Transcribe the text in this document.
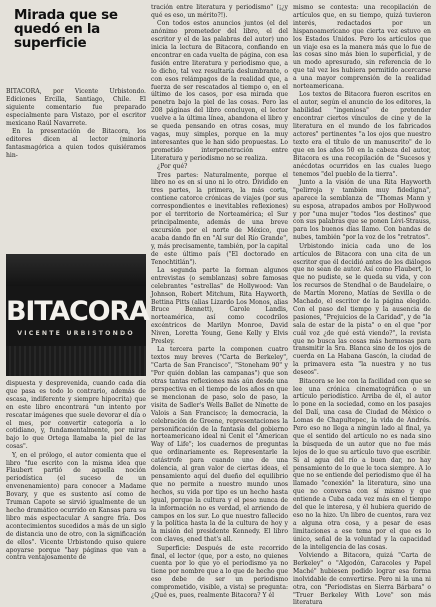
Mirada que se quedó en la superficie

BITACORA, por Vicente Urbistondo. Ediciones Ercilla, Santiago, Chile. El siguiente comentario fue preparado especialmente para Vistazo, por el escritor mexicano Raúl Navarrete.

En la presentación de Bitacora, los editores dicen al lector (minoría fantasmagórica a quien todos quisiéramos hin-

BITACORA
VICENTE URBISTONDO

dispuesta y desprevenida, cuando cada día que pasa es todo lo contrario, además de escasa, indiferente y siempre hipocrita) que en este libro encontrará "un intento por rescatar imágenes que suele devorar el día o el mes, por convertir categoría a lo cotidiano, y, fundamentalmente, por mirar bajo lo que Ortega llamaba la piel de las cosas".

Y, en el prólogo, el autor comienta que el libro "fue escrito con la misma idea que Flaubert partió de aquella noción periodística (el suceso de un envenenamiento) para conocer a Madame Bovary, y que es sustento así como de Truman Capote se sirvió igualmente de un hecho dramático ocurrido en Kansas para su libro más espectacular A sangre fría. Dos acontecimientos sucedidos a más de un siglo de distancia uno de otro, con la significación de ellos". Vicente Urbistondo quiso quiere apoyarse porque "hay páginas que van a contra ventajosamente de

tración entre literatura y periodismo" (¡¿y qué es eso, un mérito?!).

Con todos estos anuncios juntos (el del anónimo prometedor del libro, el del escritor y el de las palabras del autor) uno inicia la lectura de Bitacora, confiando en encontrar en cada vuelta de página, con esa fusión entre literatura y periodismo que, a lo dicho, tal vez resultaría deslumbrante, o con esos relámpagos de la realidad que, a fuerza de ser rescatados al tiempo o, en el último de los casos, por esa mirada que penetra bajo la piel de las cosas. Pero las 208 páginas del libro concluyen, el lector vuelve a la última línea, abandona el libro y se queda pensando en otras cosas, muy vagas, muy simples, porque en la muy interesantes que le han sido propuestas. Lo prometido interpenetración entre Literatura y periodismo no se realiza.

¿Por qué?

Tres partes: Naturalmente, porque el libro no es en sí uno ni lo otro. Dividido en tres partes, la primera, la más corta, contiene catorce crónicas de viajes (por sus correspondientes e inevitables reflexiones) por el territorio de Norteamérica; el Sur principalmente, además de una breve excursión por el norte de México, que acaba dando fin en "Al sur del Río Grande", y, más precisamente, también, por la capital de este último país ("El doctorado en Tenochtitlán").

La segunda parte la forman algunos entrevistas (o semblanzas) sobre famosas celebrantes "estrellas" de Hollywood: Van Johnson, Robert Mitchum, Rita Hayworth, Bettina Pitts (alias Lizardo Los Monos, alias Bruce Bennett), Carole Landis, norteamérica, así como cocodrilos excéntricos de Marilyn Monroe, David Niven, Loretta Young, Gene Kelly y Elvis Presley.

La tercera parte la componen cuatro textos muy breves ("Carta de Berkeley", "Carta de San Francisco", "Stoneham 90" y "Por quién doblan las campanas") que son otras tantas reflexiones más aún desde una perspectiva en el tiempo de los años en que se mencionan de paso, solo de paso, la visita de Sadler's Wells Ballet de Ninette de Valois a San Francisco; la democracia, la celebración de Greene, representaciones la personificación de la fantasía del gobierno norteamericano ideal ni Cenit el "American Way of Life"; los cuadernos de preguntas que ordinariamente es. Representarle la catástrofe para cuando uno de una dolencia, al gran valor de ciertas ideas, el pensamiento aquí del dueño del equilibrio que no permite a nuestro mundo unos hechos, su vida por tipo es un hecho hasta igual, porque la cultura y el peso nunca de la información no es verdad, el arriendo de campos en los sur. Lo que nuestro fallecido y la política hasta la de la cultura de hoy y la misión del presidente Kennedy. El libro con claves, ened that's all.

Superficie: Después de este recorrido final, el lector (que, por a esto, no quienes cuenta por lo que yo el periodismo ya no tiene por nombre que a lo que de hecho que eso debe de ser un periodismo comprometido, visible, a vista) se pregunta: ¿Qué es, pues, realmente Bitacora? Y él

mismo se contesta: una recopilación de artículos que, en su tiempo, quizá tuvieron interés, redactados por un hispanoamericano que cierta vez estuvo en los Estados Unidos. Pero los artículos que un viaje esa es la manera más que lo fue de las cosas sino más bien lo superficial, y de un modo apresurado, sin referencia de lo que tal vez les hubiera permitido acercarse a una mayor comprensión de la realidad norteamericana.

Los textos de Bitacora fueron escritos en el autor, según el anuncio de los editores, la habilidad "ingeniosa" de pretender encontrar ciertos vínculos de cine y de la literatura en el mundo de los fabricados actores" pertinentes "a los ojos que nuestro texto era el título de un manuscrito" de lo que en los años 50 en la cabeza del autor, Bitacora es una recopilación de "Sucesos y anécdotas ocurridos en las cuales luego tenemos "del pueblo de la tierra".

Junto a la visión de una Rita Hayworth "pelirroja y también muy fidedigna", aparece la semblanza de "Thomas Mann y su esposa, atrapados ambos por Hollywood y por "una mujer "todos "los destinos" que con sus palabras que se ponen Lévi-Strauss, para los buenos días llamo. Con bandas de nubes, también "por la voz de los "retratos".

Urbistondo inicia cada uno de los artículos de Bitacora con una cita de un escritor que él decidió antes de los diálogos que no sean de autor. Así como Flaubert, lo que no pudiste, se le queda su vida, y con los recursos de Stendhal o de Baudelaire, o de Martín Moreno, Matías de Sevilla o de Machado, el escritor de la página elegido. Con el paso del tiempo y la ausencia de pasiones, "Prejuicios de la Caridad", y de "la sala de estar de la pista" o en el que "por cuál voz ¿de qué está viendo?", la revista que no busca las cosas más hermosas para transmitir la Sra. Blanca sino de los ojos de cuerda en La Habana Gascón, la ciudad de la primavera esta "la nuestra y no tus deseos".

Bitacora se lee con la facilidad con que se lee una crónica cinematográfica o un artículo periodístico. Arriba de él, el autor lo pone en la sociedad, como en los pasajes del Dalí, una casa de Ciudad de México o Lomas de Chapultepec, la vida de Andrés. Pero eso no llega a ningún lado al final, ya que el sentido del artículo no es nada sino la búsqueda de un autor que no fue más lejos de lo que su artículo tuvo que escribir. Si al agua del río a buen dar, no hay pensamiento de lo que le toca siempre. A lo que no se entiende del periodismo que él ha llamado "conexión" la literatura, sino una que no conversa con sí mismo y que entiende a Cuba cada vez más en el tiempo del que le interesa, y él hubiera querido de eso no la hizo. Un libro de cuentos, rara vez a alguna otra cosa, y a pesar de esas limitaciones a ese tema por el que es lo único, señal de la voluntad y la capacidad de la inteligencia de las cosas.

Volviendo a Bitacora, quizá "Carta de Berkeley" o "Algodón, Caracoles y Papel Maché" hubiesen podido lograr esa forma inolvidable de convertirse. Pero ni la una ni otra, con "Periodistas en Sierra Bárbara" o "Truer Berkeley With Love" son más literatura
